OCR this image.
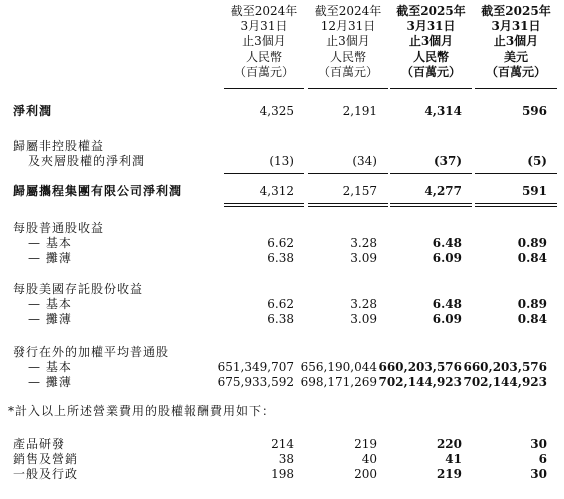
截至2024年
3月31日
止3個月
人民幣
（百萬元）
截至2024年
12月31日
止3個月
人民幣
（百萬元）
截至2025年
3月31日
止3個月
人民幣
（百萬元）
截至2025年
3月31日
止3個月
美元
（百萬元）
淨利潤	4,325	2,191	4,314	596
歸屬非控股權益
及夾層股權的淨利潤	(13)	(34)	(37)	(5)
歸屬攜程集團有限公司淨利潤	4,312	2,157	4,277	591
每股普通股收益
— 基本	6.62	3.28	6.48	0.89
— 攤薄	6.38	3.09	6.09	0.84
每股美國存託股份收益
— 基本	6.62	3.28	6.48	0.89
— 攤薄	6.38	3.09	6.09	0.84
發行在外的加權平均普通股
— 基本	651,349,707 656,190,044 660,203,576 660,203,576
— 攤薄	675,933,592 698,171,269 702,144,923 702,144,923
*計入以上所述營業費用的股權報酬費用如下：
產品研發	214	219	220	30
銷售及營銷	38	40	41	6
一般及行政	198	200	219	30
